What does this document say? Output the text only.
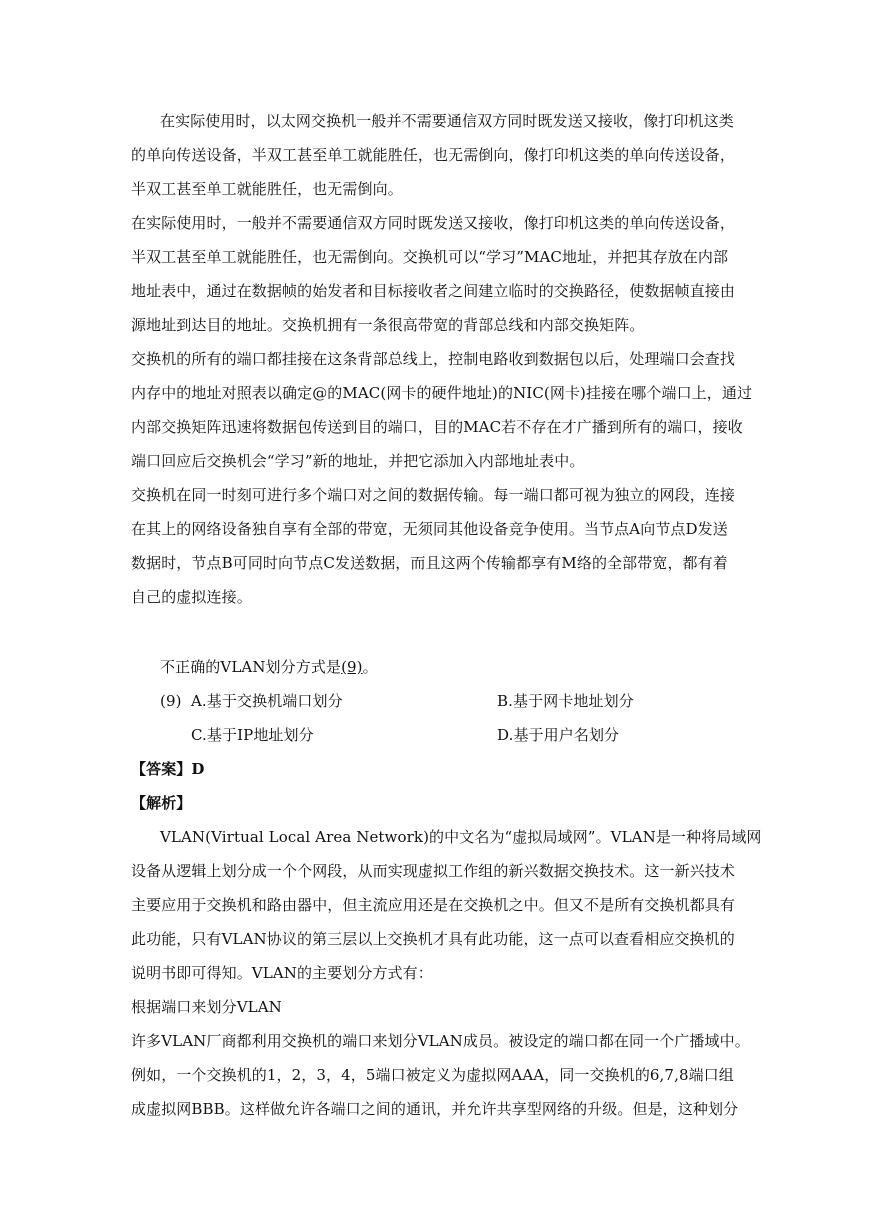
在实际使用时，以太网交换机一般并不需要通信双方同时既发送又接收，像打印机这类
的单向传送设备，半双工甚至单工就能胜任，也无需倒向，像打印机这类的单向传送设备，
半双工甚至单工就能胜任，也无需倒向。
在实际使用时，一般并不需要通信双方同时既发送又接收，像打印机这类的单向传送设备，
半双工甚至单工就能胜任，也无需倒向。交换机可以“学习”MAC地址，并把其存放在内部
地址表中，通过在数据帧的始发者和目标接收者之间建立临时的交换路径，使数据帧直接由
源地址到达目的地址。交换机拥有一条很高带宽的背部总线和内部交换矩阵。
交换机的所有的端口都挂接在这条背部总线上，控制电路收到数据包以后，处理端口会查找
内存中的地址对照表以确定@的MAC(网卡的硬件地址)的NIC(网卡)挂接在哪个端口上，通过
内部交换矩阵迅速将数据包传送到目的端口，目的MAC若不存在才广播到所有的端口，接收
端口回应后交换机会“学习”新的地址，并把它添加入内部地址表中。
交换机在同一时刻可进行多个端口对之间的数据传输。每一端口都可视为独立的网段，连接
在其上的网络设备独自享有全部的带宽，无须同其他设备竞争使用。当节点A向节点D发送
数据时，节点B可同时向节点C发送数据，而且这两个传输都享有M络的全部带宽，都有着
自己的虚拟连接。
不正确的VLAN划分方式是(9)。
(9) A.基于交换机端口划分	B.基于网卡地址划分
C.基于IP地址划分	D.基于用户名划分
【答案】D
【解析】
VLAN(Virtual Local Area Network)的中文名为“虚拟局域网”。VLAN是一种将局域网
设备从逻辑上划分成一个个网段，从而实现虚拟工作组的新兴数据交换技术。这一新兴技术
主要应用于交换机和路由器中，但主流应用还是在交换机之中。但又不是所有交换机都具有
此功能，只有VLAN协议的第三层以上交换机才具有此功能，这一点可以查看相应交换机的
说明书即可得知。VLAN的主要划分方式有：
根据端口来划分VLAN
许多VLAN厂商都利用交换机的端口来划分VLAN成员。被设定的端口都在同一个广播域中。
例如，一个交换机的1，2，3，4，5端口被定义为虚拟网AAA，同一交换机的6,7,8端口组
成虚拟网BBB。这样做允许各端口之间的通讯，并允许共享型网络的升级。但是，这种划分
